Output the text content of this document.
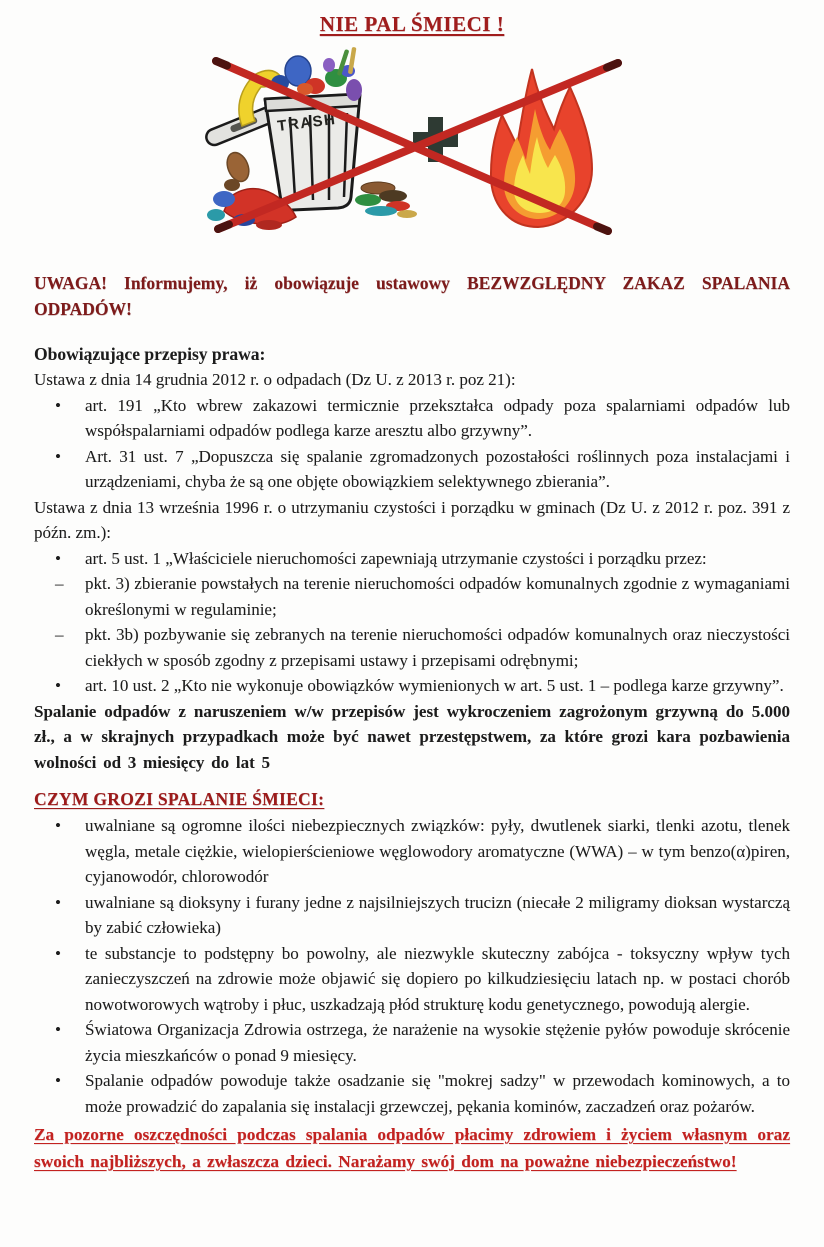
NIE PAL ŚMIECI !
TRASH

UWAGA! Informujemy, iż obowiązuje ustawowy BEZWZGLĘDNY ZAKAZ SPALANIA ODPADÓW!

Obowiązujące przepisy prawa:

Ustawa z dnia 14 grudnia 2012 r. o odpadach (Dz U. z 2013 r. poz 21):

•	art. 191 „Kto wbrew zakazowi termicznie przekształca odpady poza spalarniami odpadów lub współspalarniami odpadów podlega karze aresztu albo grzywny”.
•	Art. 31 ust. 7 „Dopuszcza się spalanie zgromadzonych pozostałości roślinnych poza instalacjami i urządzeniami, chyba że są one objęte obowiązkiem selektywnego zbierania”.

Ustawa z dnia 13 września 1996 r. o utrzymaniu czystości i porządku w gminach (Dz U. z 2012 r. poz. 391 z późn. zm.):

•	art. 5 ust. 1 „Właściciele nieruchomości zapewniają utrzymanie czystości i porządku przez:
–	pkt. 3) zbieranie powstałych na terenie nieruchomości odpadów komunalnych zgodnie z wymaganiami określonymi w regulaminie;
–	pkt. 3b) pozbywanie się zebranych na terenie nieruchomości odpadów komunalnych oraz nieczystości ciekłych w sposób zgodny z przepisami ustawy i przepisami odrębnymi;
•	art. 10 ust. 2 „Kto nie wykonuje obowiązków wymienionych w art. 5 ust. 1 – podlega karze grzywny”.

Spalanie odpadów z naruszeniem w/w przepisów jest wykroczeniem zagrożonym grzywną do 5.000 zł., a w skrajnych przypadkach może być nawet przestępstwem, za które grozi kara pozbawienia wolności od 3 miesięcy do lat 5

CZYM GROZI SPALANIE ŚMIECI:
•	uwalniane są ogromne ilości niebezpiecznych związków: pyły, dwutlenek siarki, tlenki azotu, tlenek węgla, metale ciężkie, wielopierścieniowe węglowodory aromatyczne (WWA) – w tym benzo(α)piren, cyjanowodór, chlorowodór
•	uwalniane są dioksyny i furany jedne z najsilniejszych trucizn (niecałe 2 miligramy dioksan wystarczą by zabić człowieka)
•	te substancje to podstępny bo powolny, ale niezwykle skuteczny zabójca - toksyczny wpływ tych zanieczyszczeń na zdrowie może objawić się dopiero po kilkudziesięciu latach np. w postaci chorób nowotworowych wątroby i płuc, uszkadzają płód strukturę kodu genetycznego, powodują alergie.
•	Światowa Organizacja Zdrowia ostrzega, że narażenie na wysokie stężenie pyłów powoduje skrócenie życia mieszkańców o ponad 9 miesięcy.
•	Spalanie odpadów powoduje także osadzanie się "mokrej sadzy" w przewodach kominowych, a to może prowadzić do zapalania się instalacji grzewczej, pękania kominów, zaczadzeń oraz pożarów.

Za pozorne oszczędności podczas spalania odpadów płacimy zdrowiem i życiem własnym oraz swoich najbliższych, a zwłaszcza dzieci. Narażamy swój dom na poważne niebezpieczeństwo!
